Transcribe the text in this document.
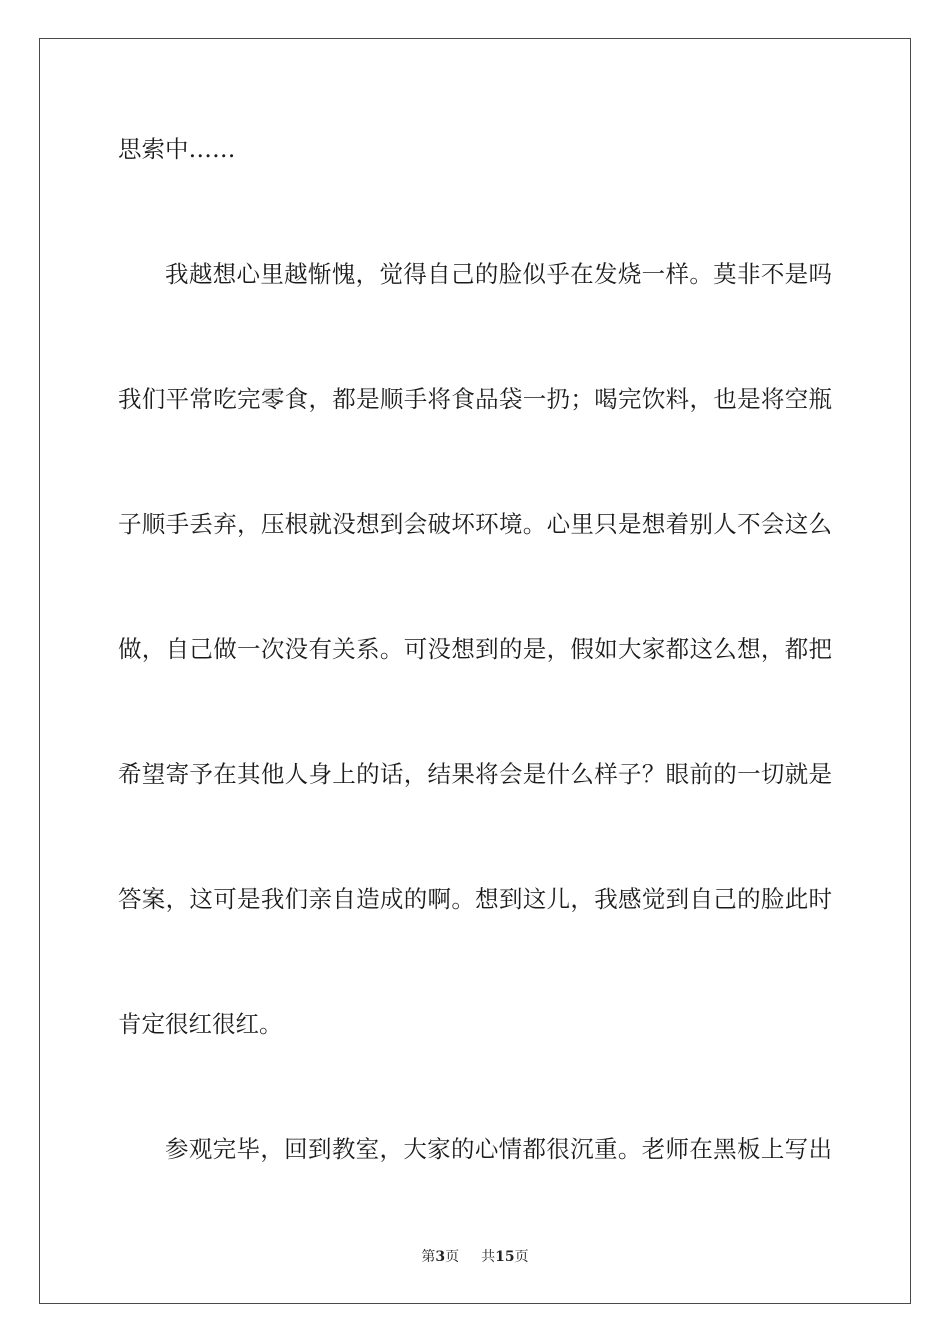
思索中……
我越想心里越惭愧，觉得自己的脸似乎在发烧一样。莫非不是吗
我们平常吃完零食，都是顺手将食品袋一扔；喝完饮料，也是将空瓶
子顺手丢弃，压根就没想到会破坏环境。心里只是想着别人不会这么
做，自己做一次没有关系。可没想到的是，假如大家都这么想，都把
希望寄予在其他人身上的话，结果将会是什么样子？眼前的一切就是
答案，这可是我们亲自造成的啊。想到这儿，我感觉到自己的脸此时
肯定很红很红。
参观完毕，回到教室，大家的心情都很沉重。老师在黑板上写出
第3页 共15页
